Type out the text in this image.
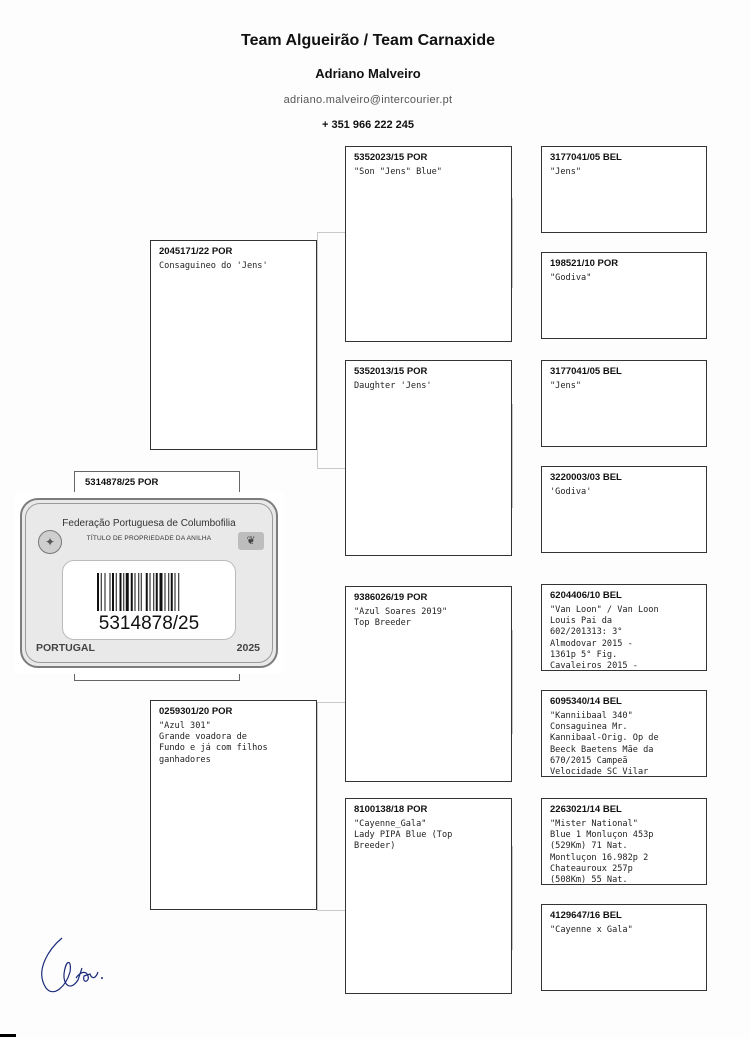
Team Algueirão / Team Carnaxide
Adriano Malveiro
adriano.malveiro@intercourier.pt
+ 351 966 222 245
2045171/22 POR
Consaguineo do 'Jens'
0259301/20 POR
"Azul 301"
Grande voadora de
Fundo e já com filhos
ganhadores
5352023/15 POR
"Son "Jens" Blue"
5352013/15 POR
Daughter 'Jens'
9386026/19 POR
"Azul Soares 2019"
Top Breeder
8100138/18 POR
"Cayenne_Gala"
Lady PIPA Blue (Top
Breeder)
3177041/05 BEL
"Jens"
198521/10 POR
"Godiva"
3177041/05 BEL
"Jens"
3220003/03 BEL
'Godiva'
6204406/10 BEL
"Van Loon" / Van Loon
Louis Pai da
602/201313: 3°
Almodovar 2015 -
1361p 5° Fig.
Cavaleiros 2015 -
6095340/14 BEL
"Kanniibaal 340"
Consaguinea Mr.
Kannibaal-Orig. Op de
Beeck Baetens Mãe da
670/2015 Campeã
Velocidade SC Vilar
2263021/14 BEL
"Mister National"
Blue 1 Monluçon 453p
(529Km) 71 Nat.
Montluçon 16.982p 2
Chateauroux 257p
(508Km) 55 Nat.
4129647/16 BEL
"Cayenne x Gala"
5314878/25 POR
✦	❦
Federação Portuguesa de Columbofilia
TÍTULO DE PROPRIEDADE DA ANILHA
5314878/25
PORTUGAL	2025
